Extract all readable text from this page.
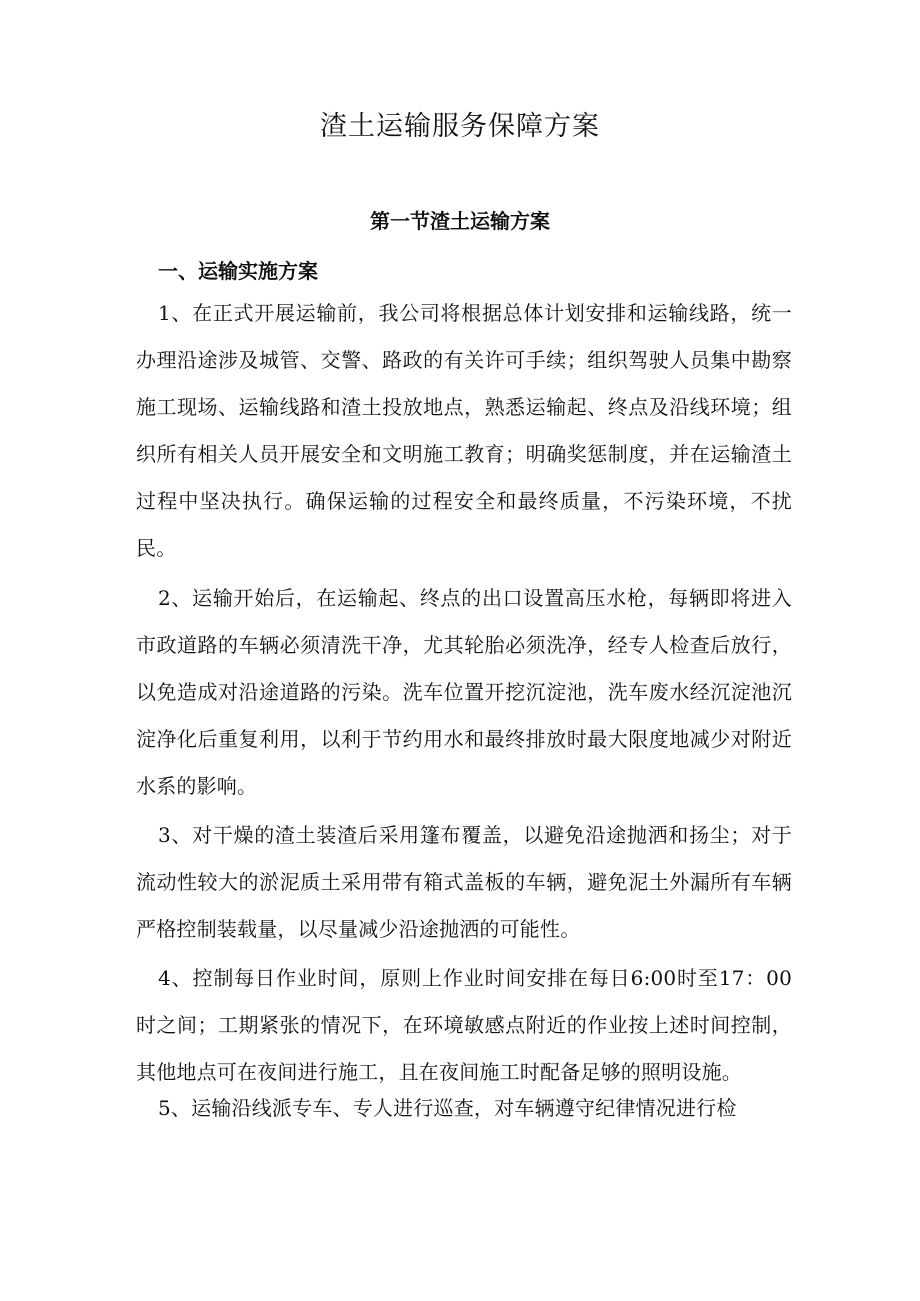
渣土运输服务保障方案
第一节渣土运输方案
一、运输实施方案

1、在正式开展运输前，我公司将根据总体计划安排和运输线路，统一办理沿途涉及城管、交警、路政的有关许可手续；组织驾驶人员集中勘察施工现场、运输线路和渣土投放地点，熟悉运输起、终点及沿线环境；组织所有相关人员开展安全和文明施工教育；明确奖惩制度，并在运输渣土过程中坚决执行。确保运输的过程安全和最终质量，不污染环境，不扰民。

2、运输开始后，在运输起、终点的出口设置高压水枪，每辆即将进入市政道路的车辆必须清洗干净，尤其轮胎必须洗净，经专人检查后放行，以免造成对沿途道路的污染。洗车位置开挖沉淀池，洗车废水经沉淀池沉淀净化后重复利用，以利于节约用水和最终排放时最大限度地减少对附近水系的影响。

3、对干燥的渣土装渣后采用篷布覆盖，以避免沿途抛洒和扬尘；对于流动性较大的淤泥质土采用带有箱式盖板的车辆，避免泥土外漏所有车辆严格控制装载量，以尽量减少沿途抛洒的可能性。

4、控制每日作业时间，原则上作业时间安排在每日6:00时至17：00时之间；工期紧张的情况下，在环境敏感点附近的作业按上述时间控制，其他地点可在夜间进行施工，且在夜间施工时配备足够的照明设施。

5、运输沿线派专车、专人进行巡查，对车辆遵守纪律情况进行检
